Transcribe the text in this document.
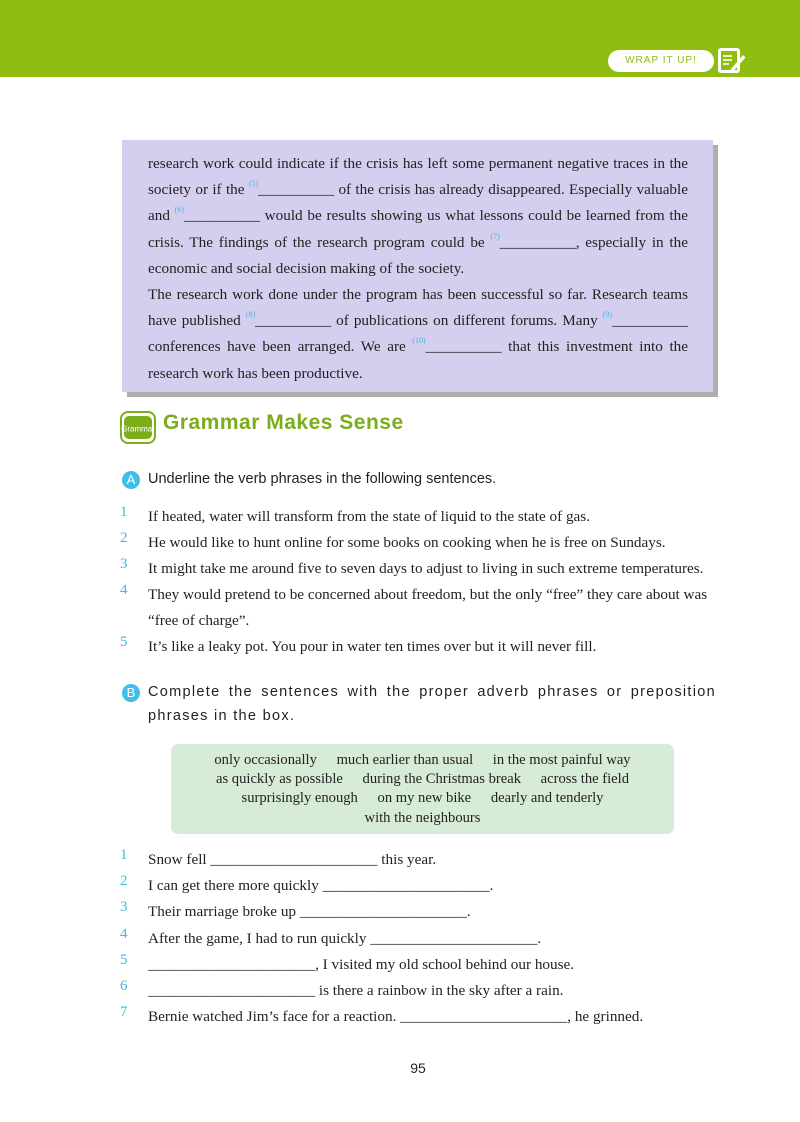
WRAP IT UP!

research work could indicate if the crisis has left some permanent negative traces in the society or if the $^{(5)}$__________ of the crisis has already disappeared. Especially valuable and $^{(6)}$__________ would be results showing us what lessons could be learned from the crisis. The findings of the research program could be $^{(7)}$__________, especially in the economic and social decision making of the society.

The research work done under the program has been successful so far. Research teams have published $^{(8)}$__________ of publications on different forums. Many $^{(9)}$__________ conferences have been arranged. We are $^{(10)}$__________ that this investment into the research work has been productive.

Grammar Grammar Makes Sense
A Underline the verb phrases in the following sentences.
1 If heated, water will transform from the state of liquid to the state of gas.
2 He would like to hunt online for some books on cooking when he is free on Sundays.
3 It might take me around five to seven days to adjust to living in such extreme temperatures.
4 They would pretend to be concerned about freedom, but the only “free” they care about was “free of charge”.
5 It’s like a leaky pot. You pour in water ten times over but it will never fill.
B Complete the sentences with the proper adverb phrases or preposition phrases in the box.
only occasionally much earlier than usual in the most painful way
as quickly as possible during the Christmas break across the field
surprisingly enough on my new bike dearly and tenderly
with the neighbours
1 Snow fell ______________________ this year.
2 I can get there more quickly ______________________.
3 Their marriage broke up ______________________.
4 After the game, I had to run quickly ______________________.
5 ______________________, I visited my old school behind our house.
6 ______________________ is there a rainbow in the sky after a rain.
7 Bernie watched Jim’s face for a reaction. ______________________, he grinned.
95
